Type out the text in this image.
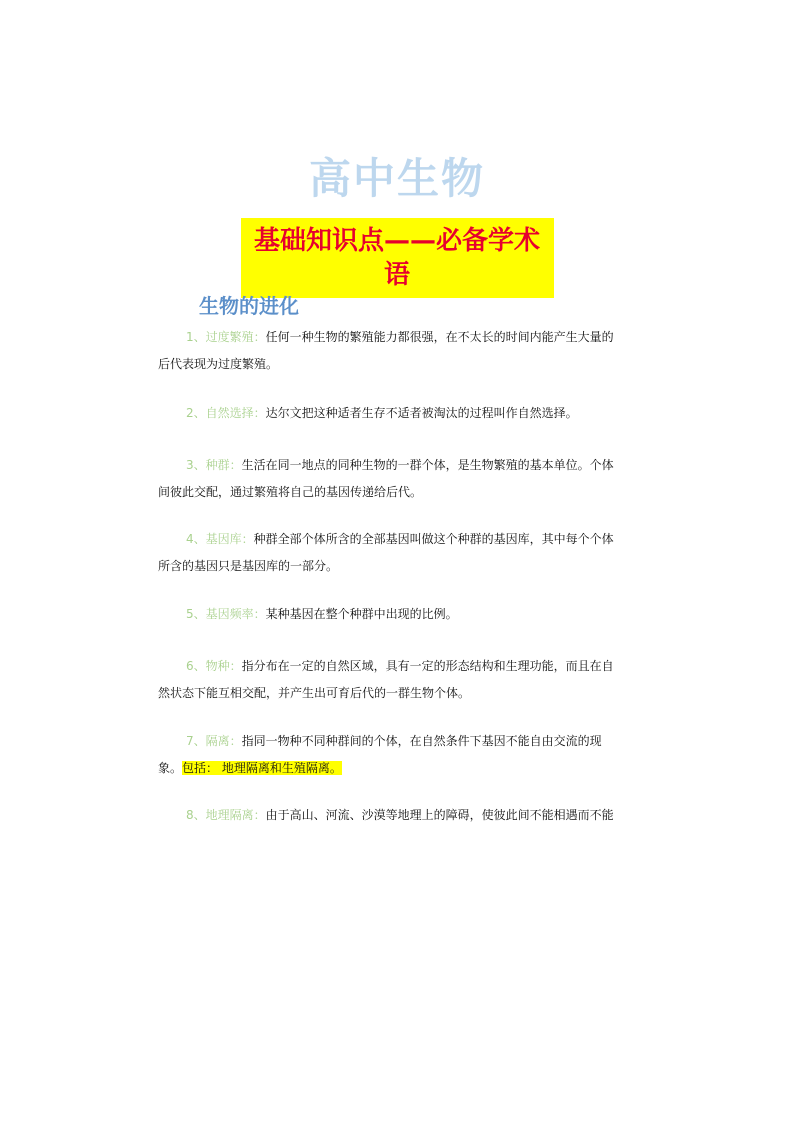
高中生物
基础知识点——必备学术语
生物的进化
1、过度繁殖：任何一种生物的繁殖能力都很强，在不太长的时间内能产生大量的后代表现为过度繁殖。
2、自然选择：达尔文把这种适者生存不适者被淘汰的过程叫作自然选择。
3、种群：生活在同一地点的同种生物的一群个体，是生物繁殖的基本单位。个体间彼此交配，通过繁殖将自己的基因传递给后代。
4、基因库：种群全部个体所含的全部基因叫做这个种群的基因库，其中每个个体所含的基因只是基因库的一部分。
5、基因频率：某种基因在整个种群中出现的比例。
6、物种：指分布在一定的自然区域，具有一定的形态结构和生理功能，而且在自然状态下能互相交配，并产生出可育后代的一群生物个体。
7、隔离：指同一物种不同种群间的个体，在自然条件下基因不能自由交流的现象。包括： 地理隔离和生殖隔离。
8、地理隔离：由于高山、河流、沙漠等地理上的障碍，使彼此间不能相遇而不能
